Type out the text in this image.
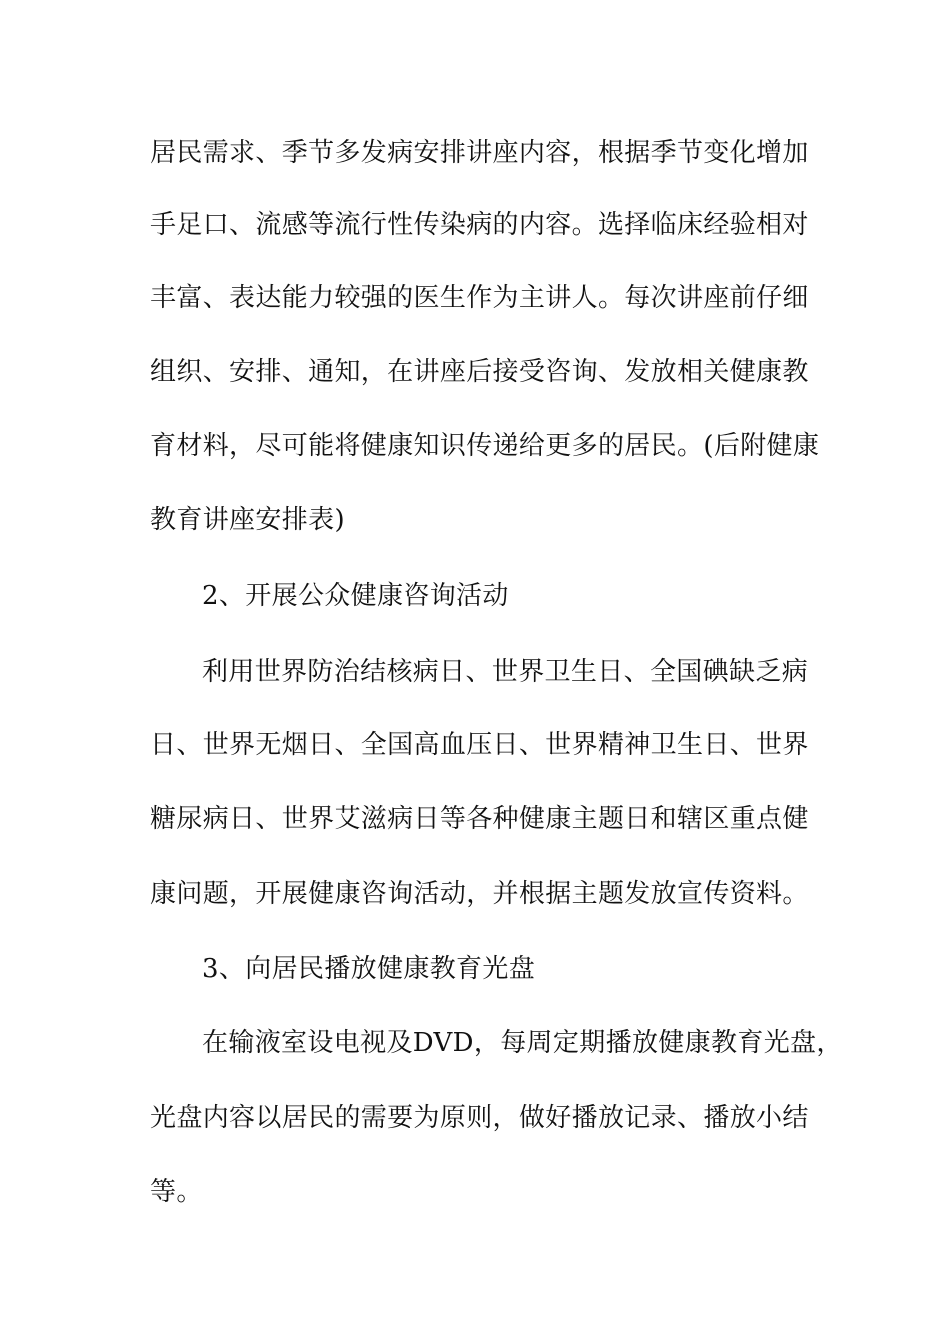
居民需求、季节多发病安排讲座内容，根据季节变化增加
手足口、流感等流行性传染病的内容。选择临床经验相对
丰富、表达能力较强的医生作为主讲人。每次讲座前仔细
组织、安排、通知，在讲座后接受咨询、发放相关健康教
育材料，尽可能将健康知识传递给更多的居民。(后附健康
教育讲座安排表)
2、开展公众健康咨询活动
利用世界防治结核病日、世界卫生日、全国碘缺乏病
日、世界无烟日、全国高血压日、世界精神卫生日、世界
糖尿病日、世界艾滋病日等各种健康主题日和辖区重点健
康问题，开展健康咨询活动，并根据主题发放宣传资料。
3、向居民播放健康教育光盘
在输液室设电视及DVD，每周定期播放健康教育光盘，
光盘内容以居民的需要为原则，做好播放记录、播放小结
等。
